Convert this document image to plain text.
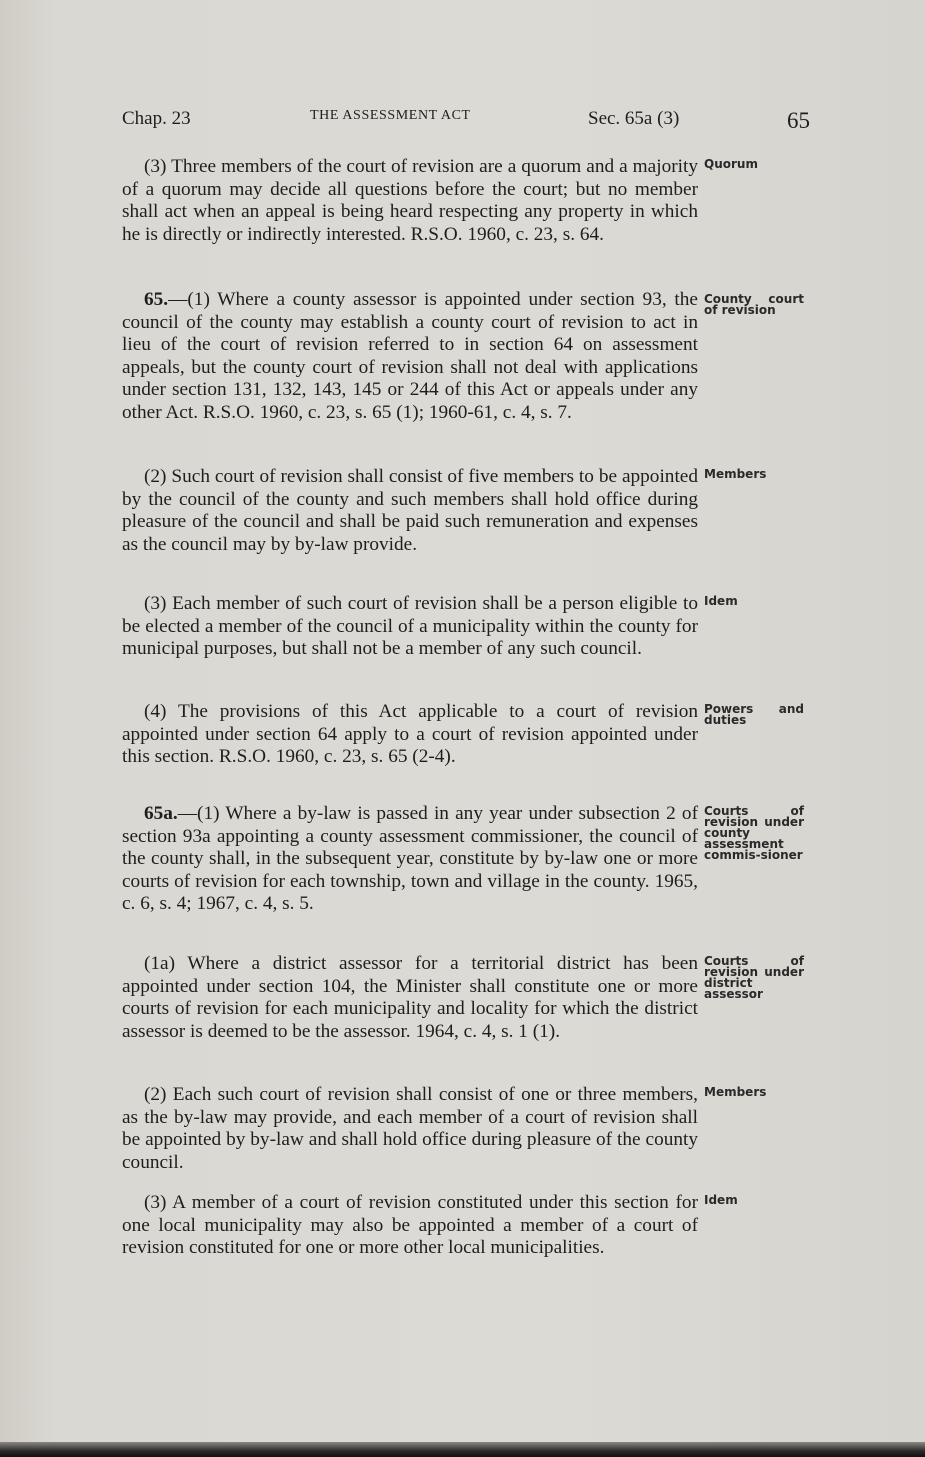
Chap. 23	THE ASSESSMENT ACT	Sec. 65a (3)	65
(3) Three members of the court of revision are a quorum and a majority of a quorum may decide all questions before the court; but no member shall act when an appeal is being heard respecting any property in which he is directly or indirectly interested. R.S.O. 1960, c. 23, s. 64.
Quorum
65.—(1) Where a county assessor is appointed under section 93, the council of the county may establish a county court of revision to act in lieu of the court of revision referred to in section 64 on assessment appeals, but the county court of revision shall not deal with applications under section 131, 132, 143, 145 or 244 of this Act or appeals under any other Act. R.S.O. 1960, c. 23, s. 65 (1); 1960-61, c. 4, s. 7.
County court of revision
(2) Such court of revision shall consist of five members to be appointed by the council of the county and such members shall hold office during pleasure of the council and shall be paid such remuneration and expenses as the council may by by-law provide.
Members
(3) Each member of such court of revision shall be a person eligible to be elected a member of the council of a municipality within the county for municipal purposes, but shall not be a member of any such council.
Idem
(4) The provisions of this Act applicable to a court of revision appointed under section 64 apply to a court of revision appointed under this section. R.S.O. 1960, c. 23, s. 65 (2-4).
Powers and duties
65a.—(1) Where a by-law is passed in any year under subsection 2 of section 93a appointing a county assessment commissioner, the council of the county shall, in the subsequent year, constitute by by-law one or more courts of revision for each township, town and village in the county. 1965, c. 6, s. 4; 1967, c. 4, s. 5.
Courts of revision under county assessment commis-sioner
(1a) Where a district assessor for a territorial district has been appointed under section 104, the Minister shall constitute one or more courts of revision for each municipality and locality for which the district assessor is deemed to be the assessor. 1964, c. 4, s. 1 (1).
Courts of revision under district assessor
(2) Each such court of revision shall consist of one or three members, as the by-law may provide, and each member of a court of revision shall be appointed by by-law and shall hold office during pleasure of the county council.
Members
(3) A member of a court of revision constituted under this section for one local municipality may also be appointed a member of a court of revision constituted for one or more other local municipalities.
Idem
